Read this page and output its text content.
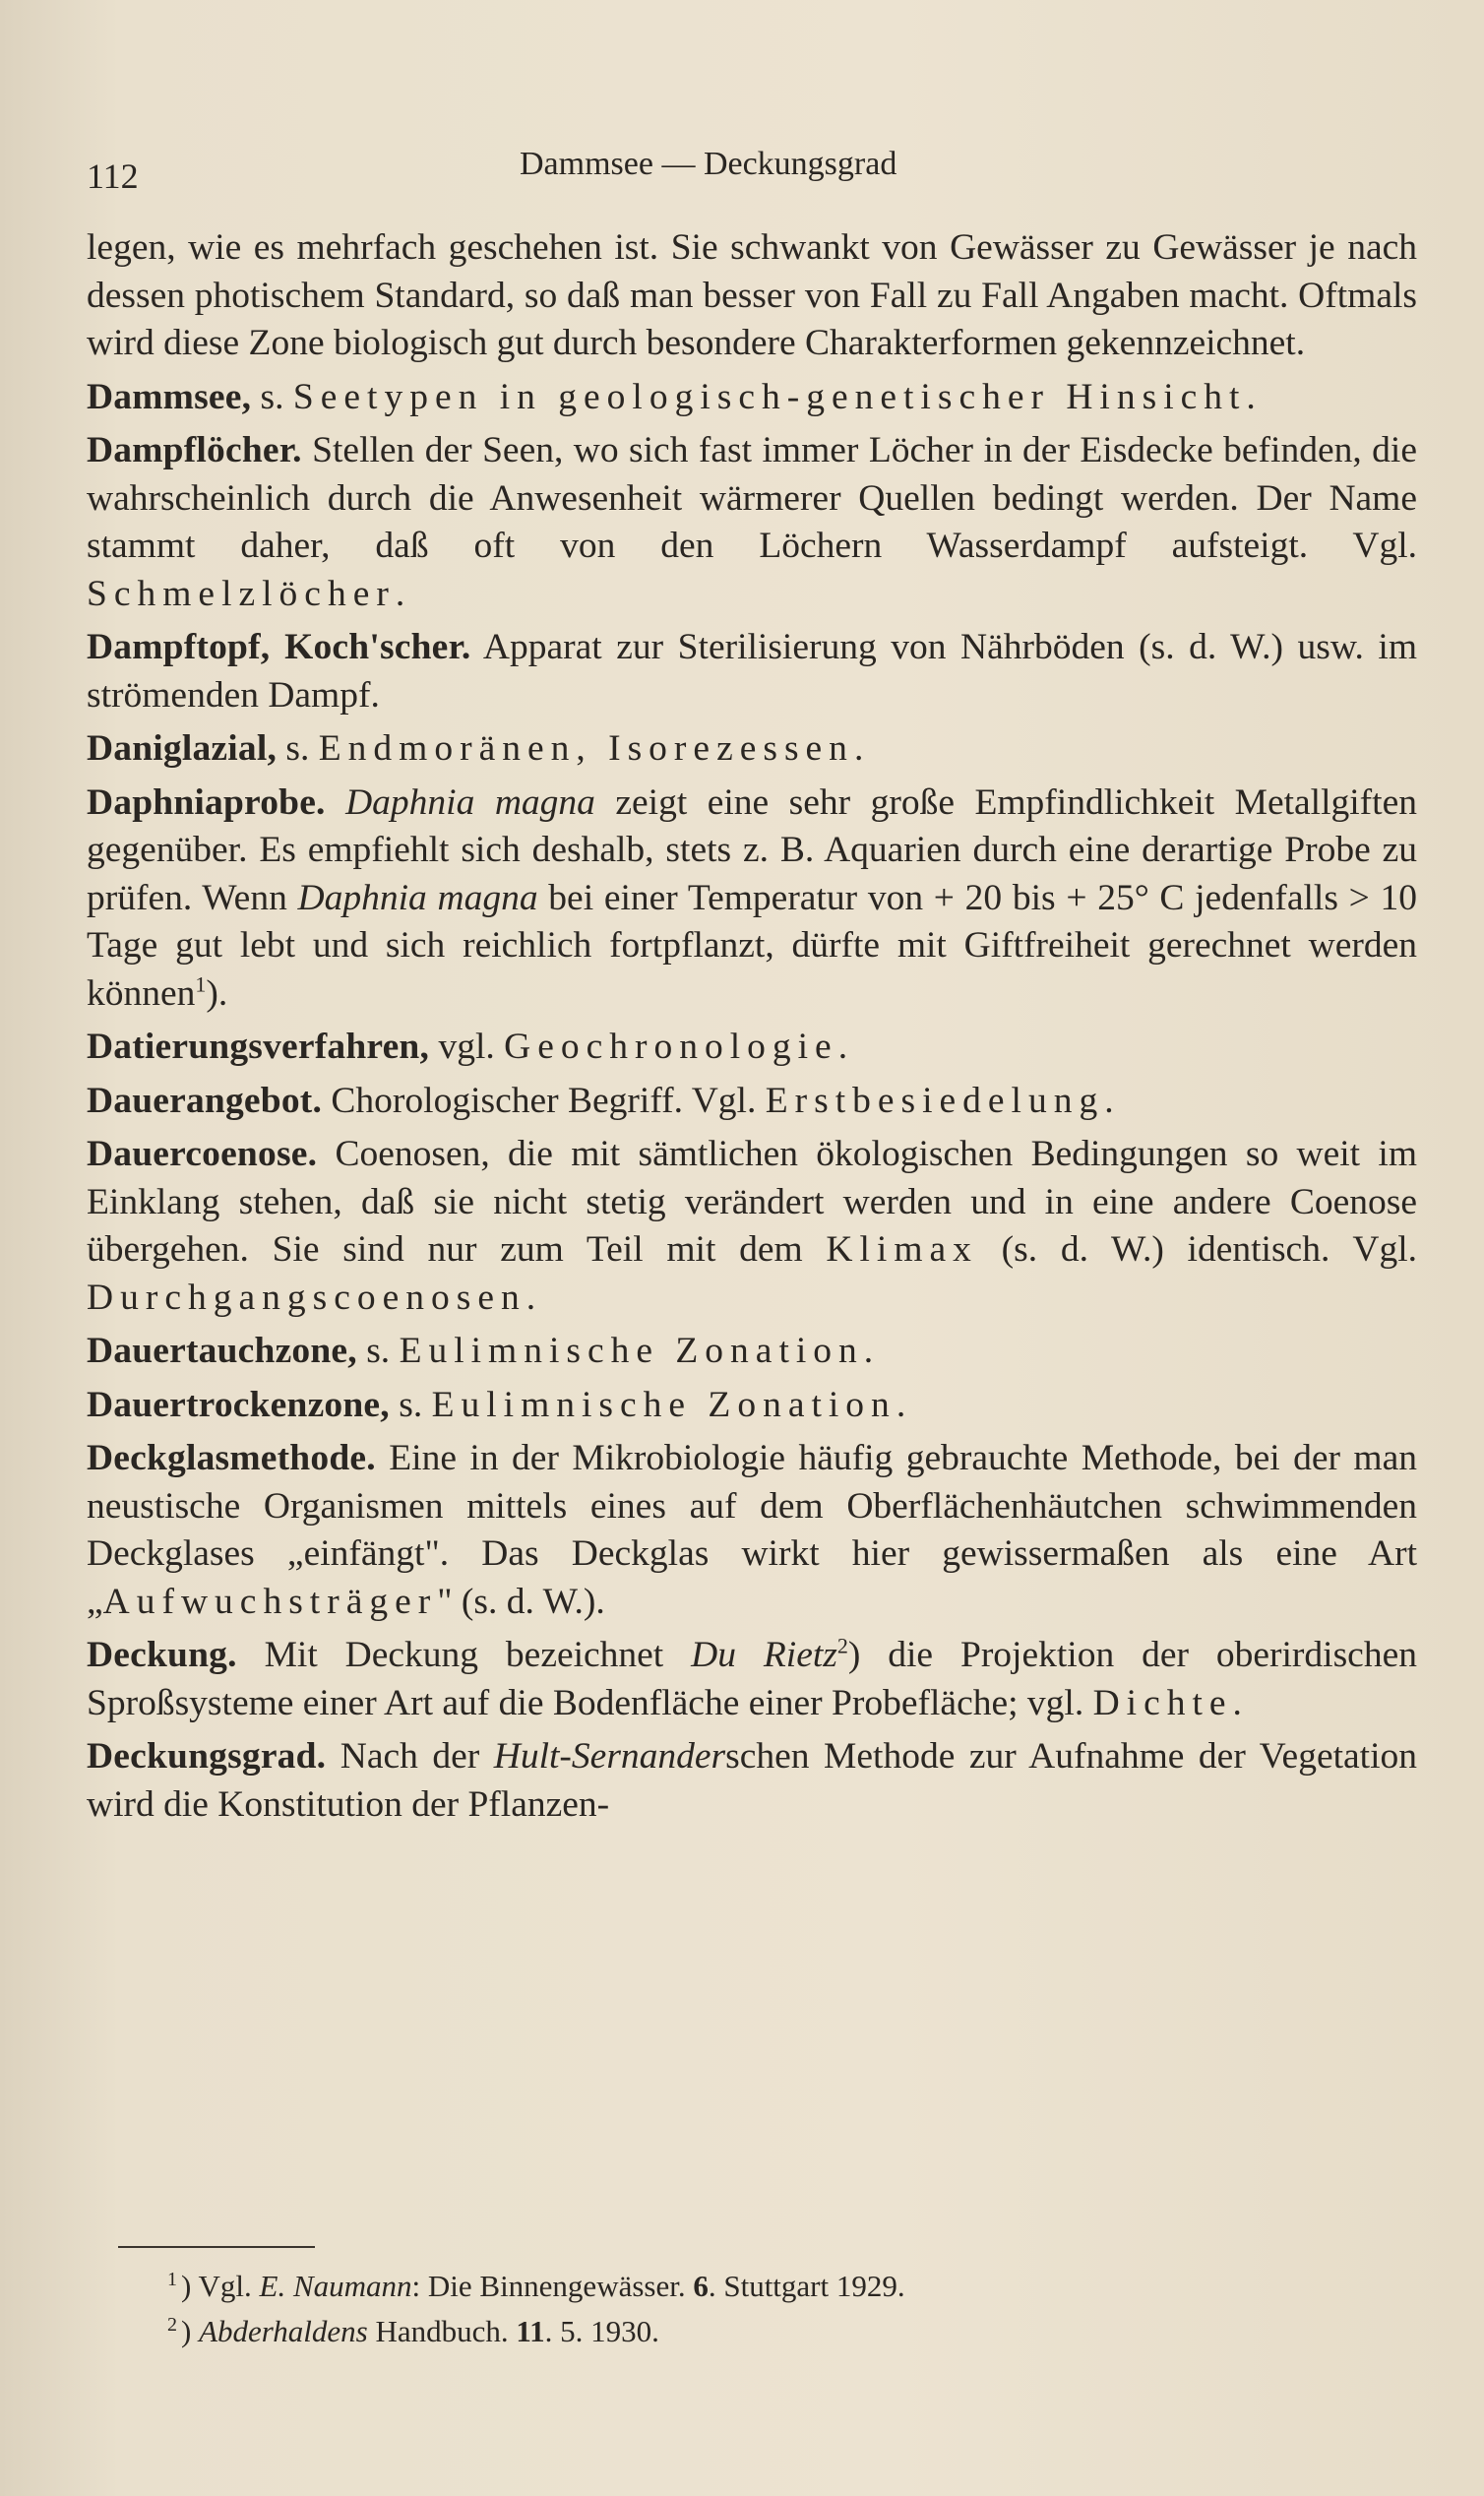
112	Dammsee — Deckungsgrad

legen, wie es mehrfach geschehen ist. Sie schwankt von Gewässer zu Gewässer je nach dessen photischem Standard, so daß man besser von Fall zu Fall Angaben macht. Oftmals wird diese Zone biologisch gut durch besondere Charakterformen gekennzeichnet.

Dammsee, s. Seetypen in geologisch-genetischer Hinsicht.

Dampflöcher. Stellen der Seen, wo sich fast immer Löcher in der Eisdecke befinden, die wahrscheinlich durch die Anwesenheit wärmerer Quellen bedingt werden. Der Name stammt daher, daß oft von den Löchern Wasserdampf aufsteigt. Vgl. Schmelzlöcher.

Dampftopf, Koch'scher. Apparat zur Sterilisierung von Nährböden (s. d. W.) usw. im strömenden Dampf.

Daniglazial, s. Endmoränen, Isorezessen.

Daphniaprobe. Daphnia magna zeigt eine sehr große Empfindlichkeit Metallgiften gegenüber. Es empfiehlt sich deshalb, stets z. B. Aquarien durch eine derartige Probe zu prüfen. Wenn Daphnia magna bei einer Temperatur von + 20 bis + 25° C jedenfalls > 10 Tage gut lebt und sich reichlich fortpflanzt, dürfte mit Giftfreiheit gerechnet werden können$^1$).

Datierungsverfahren, vgl. Geochronologie.

Dauerangebot. Chorologischer Begriff. Vgl. Erstbesiedelung.

Dauercoenose. Coenosen, die mit sämtlichen ökologischen Bedingungen so weit im Einklang stehen, daß sie nicht stetig verändert werden und in eine andere Coenose übergehen. Sie sind nur zum Teil mit dem Klimax (s. d. W.) identisch. Vgl. Durchgangscoenosen.

Dauertauchzone, s. Eulimnische Zonation.

Dauertrockenzone, s. Eulimnische Zonation.

Deckglasmethode. Eine in der Mikrobiologie häufig gebrauchte Methode, bei der man neustische Organismen mittels eines auf dem Oberflächenhäutchen schwimmenden Deckglases „einfängt". Das Deckglas wirkt hier gewissermaßen als eine Art „Aufwuchsträger" (s. d. W.).

Deckung. Mit Deckung bezeichnet Du Rietz$^2$) die Projektion der oberirdischen Sproßsysteme einer Art auf die Bodenfläche einer Probefläche; vgl. Dichte.

Deckungsgrad. Nach der Hult-Sernanderschen Methode zur Aufnahme der Vegetation wird die Konstitution der Pflanzen-

$^1$ ) Vgl. E. Naumann: Die Binnengewässer. 6. Stuttgart 1929.

$^2$ ) Abderhaldens Handbuch. 11. 5. 1930.
